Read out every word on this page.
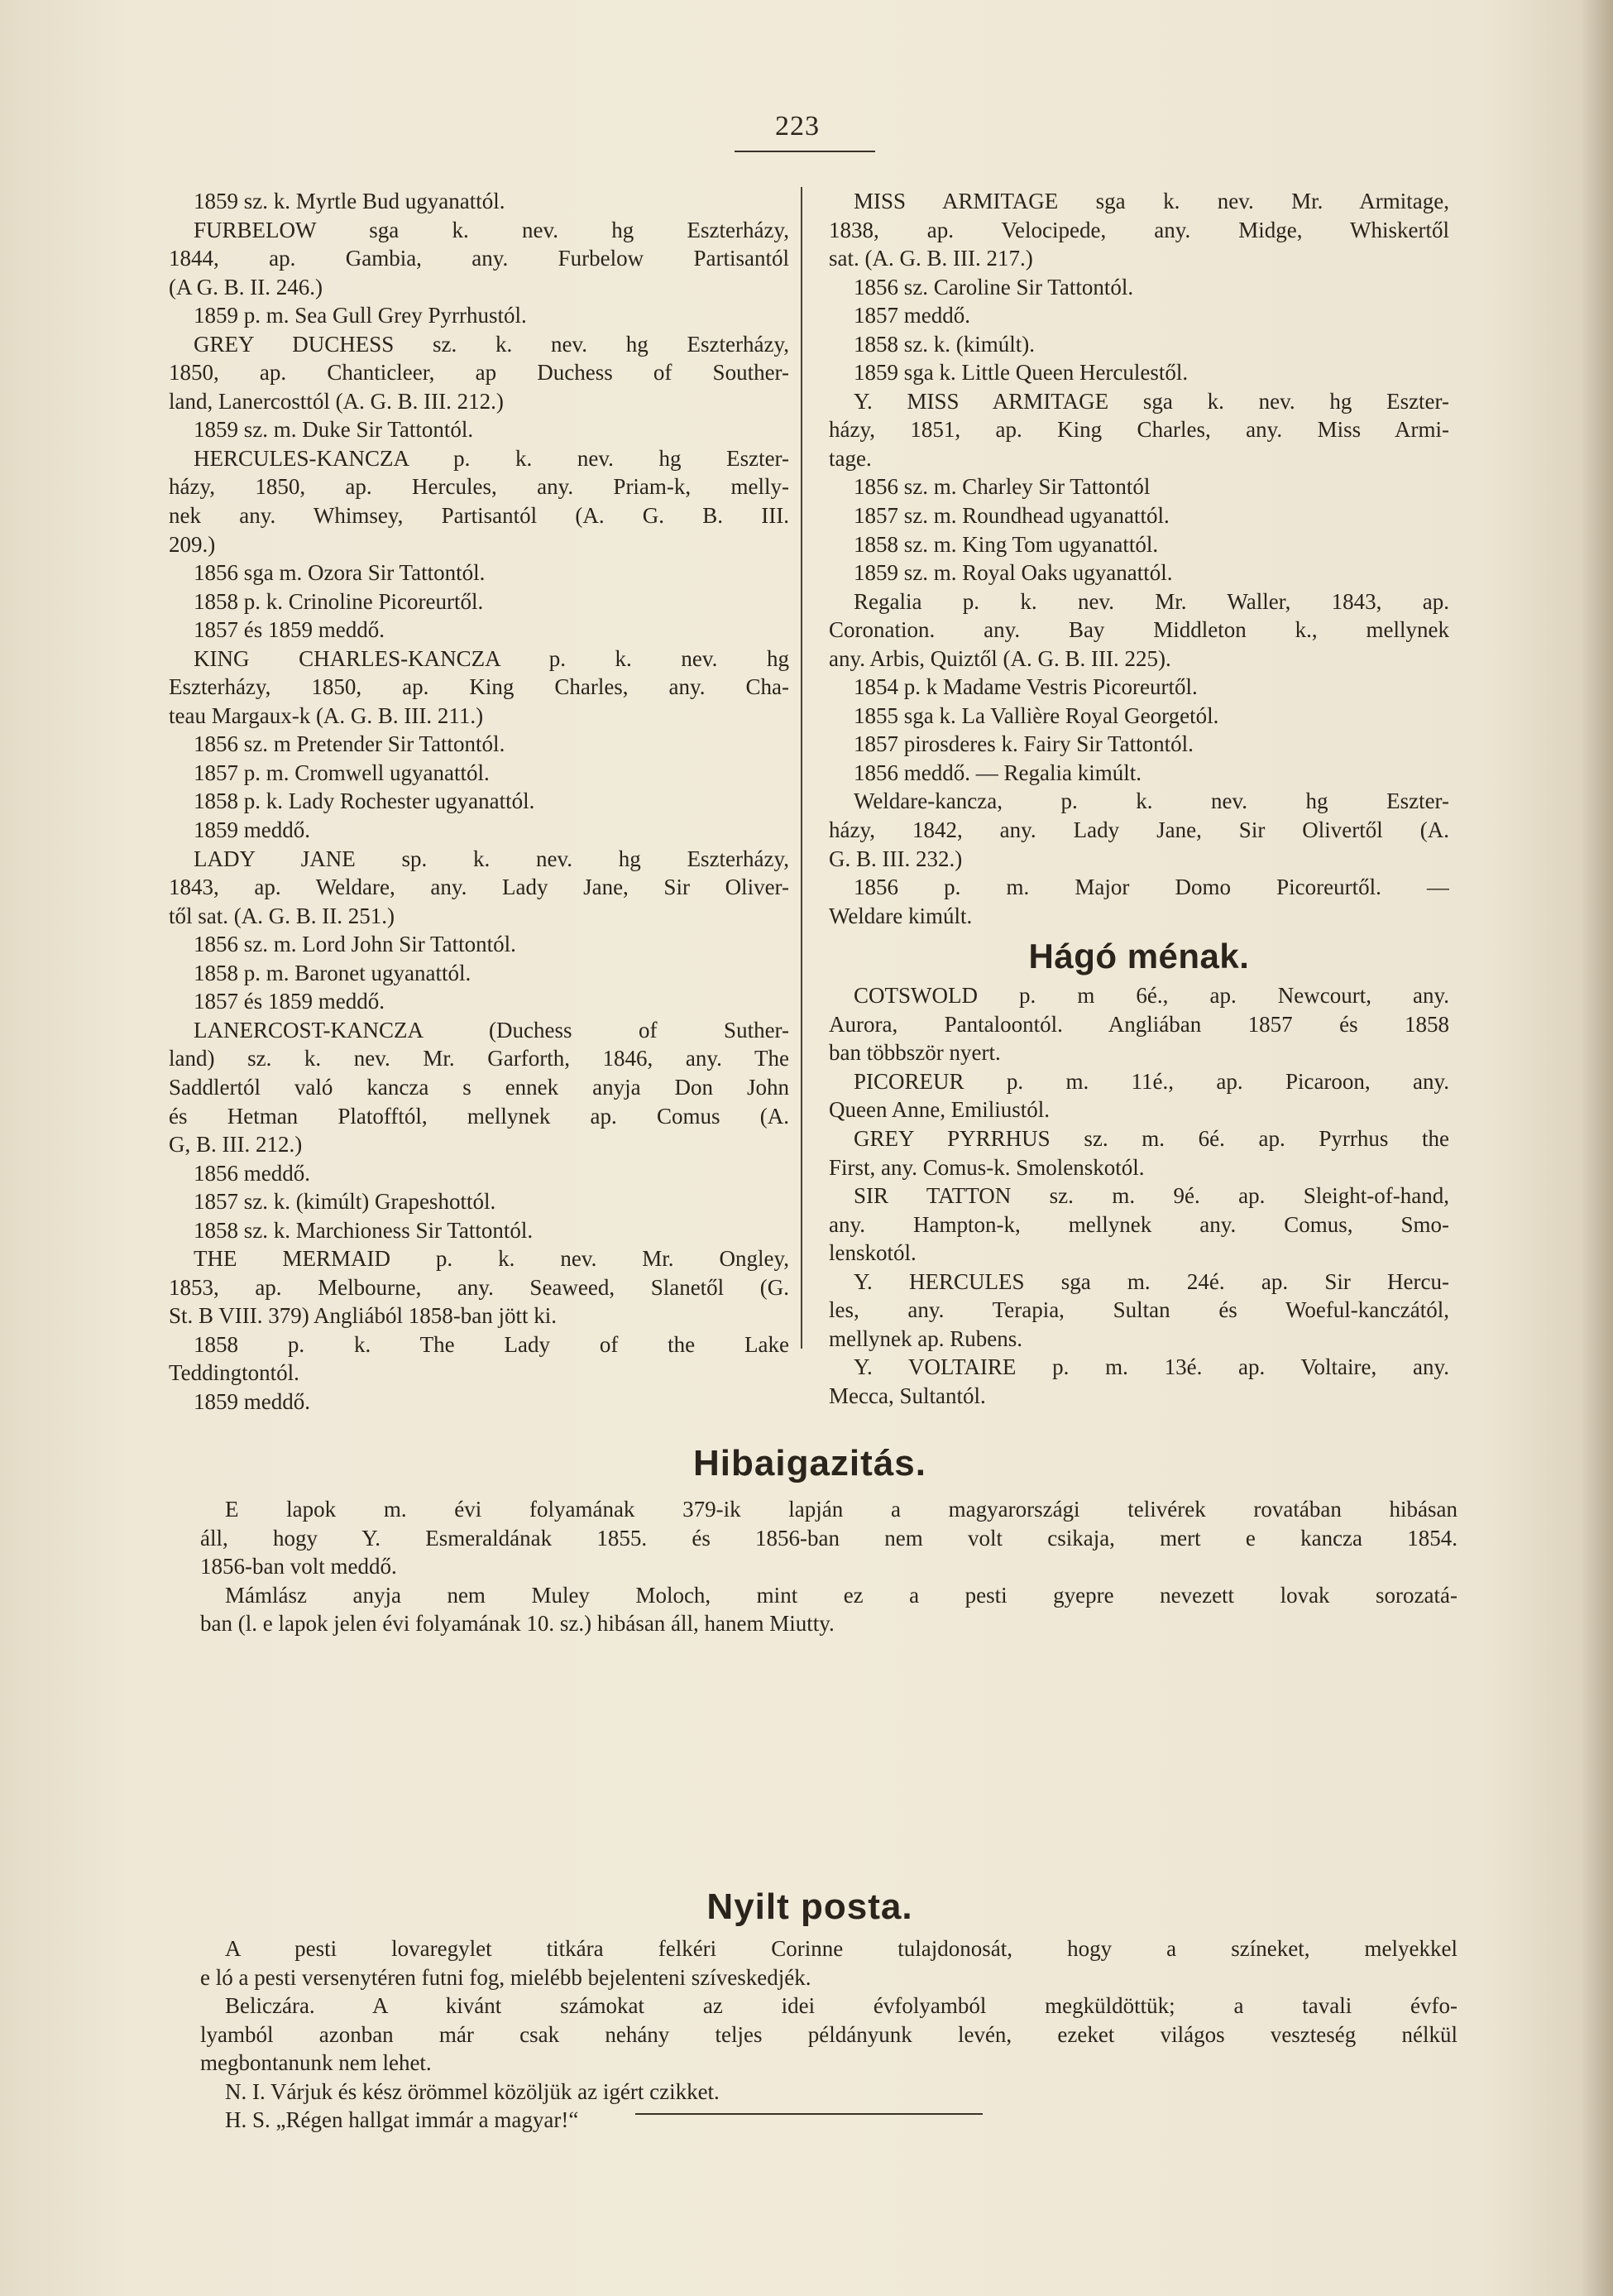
223
1859 sz. k. Myrtle Bud ugyanattól.
FURBELOW sga k. nev. hg Eszterházy,
1844, ap. Gambia, any. Furbelow Partisantól
(A G. B. II. 246.)
1859 p. m. Sea Gull Grey Pyrrhustól.
GREY DUCHESS sz. k. nev. hg Eszterházy,
1850, ap. Chanticleer, ap Duchess of Souther-
land, Lanercosttól (A. G. B. III. 212.)
1859 sz. m. Duke Sir Tattontól.
HERCULES-KANCZA p. k. nev. hg Eszter-
házy, 1850, ap. Hercules, any. Priam-k, melly-
nek any. Whimsey, Partisantól (A. G. B. III.
209.)
1856 sga m. Ozora Sir Tattontól.
1858 p. k. Crinoline Picoreurtől.
1857 és 1859 meddő.
KING CHARLES-KANCZA p. k. nev. hg
Eszterházy, 1850, ap. King Charles, any. Cha-
teau Margaux-k (A. G. B. III. 211.)
1856 sz. m Pretender Sir Tattontól.
1857 p. m. Cromwell ugyanattól.
1858 p. k. Lady Rochester ugyanattól.
1859 meddő.
LADY JANE sp. k. nev. hg Eszterházy,
1843, ap. Weldare, any. Lady Jane, Sir Oliver-
től sat. (A. G. B. II. 251.)
1856 sz. m. Lord John Sir Tattontól.
1858 p. m. Baronet ugyanattól.
1857 és 1859 meddő.
LANERCOST-KANCZA (Duchess of Suther-
land) sz. k. nev. Mr. Garforth, 1846, any. The
Saddlertól való kancza s ennek anyja Don John
és Hetman Platofftól, mellynek ap. Comus (A.
G, B. III. 212.)
1856 meddő.
1857 sz. k. (kimúlt) Grapeshottól.
1858 sz. k. Marchioness Sir Tattontól.
THE MERMAID p. k. nev. Mr. Ongley,
1853, ap. Melbourne, any. Seaweed, Slanetől (G.
St. B VIII. 379) Angliából 1858-ban jött ki.
1858 p. k. The Lady of the Lake
Teddingtontól.
1859 meddő.
MISS ARMITAGE sga k. nev. Mr. Armitage,
1838, ap. Velocipede, any. Midge, Whiskertől
sat. (A. G. B. III. 217.)
1856 sz. Caroline Sir Tattontól.
1857 meddő.
1858 sz. k. (kimúlt).
1859 sga k. Little Queen Herculestől.
Y. MISS ARMITAGE sga k. nev. hg Eszter-
házy, 1851, ap. King Charles, any. Miss Armi-
tage.
1856 sz. m. Charley Sir Tattontól
1857 sz. m. Roundhead ugyanattól.
1858 sz. m. King Tom ugyanattól.
1859 sz. m. Royal Oaks ugyanattól.
Regalia p. k. nev. Mr. Waller, 1843, ap.
Coronation. any. Bay Middleton k., mellynek
any. Arbis, Quiztől (A. G. B. III. 225).
1854 p. k Madame Vestris Picoreurtől.
1855 sga k. La Vallière Royal Georgetól.
1857 pirosderes k. Fairy Sir Tattontól.
1856 meddő. — Regalia kimúlt.
Weldare-kancza, p. k. nev. hg Eszter-
házy, 1842, any. Lady Jane, Sir Olivertől (A.
G. B. III. 232.)
1856 p. m. Major Domo Picoreurtől. —
Weldare kimúlt.
Hágó ménak.
COTSWOLD p. m 6é., ap. Newcourt, any.
Aurora, Pantaloontól. Angliában 1857 és 1858
ban többször nyert.
PICOREUR p. m. 11é., ap. Picaroon, any.
Queen Anne, Emiliustól.
GREY PYRRHUS sz. m. 6é. ap. Pyrrhus the
First, any. Comus-k. Smolenskotól.
SIR TATTON sz. m. 9é. ap. Sleight-of-hand,
any. Hampton-k, mellynek any. Comus, Smo-
lenskotól.
Y. HERCULES sga m. 24é. ap. Sir Hercu-
les, any. Terapia, Sultan és Woeful-kanczától,
mellynek ap. Rubens.
Y. VOLTAIRE p. m. 13é. ap. Voltaire, any.
Mecca, Sultantól.
Hibaigazitás.
E lapok m. évi folyamának 379-ik lapján a magyarországi telivérek rovatában hibásan
áll, hogy Y. Esmeraldának 1855. és 1856-ban nem volt csikaja, mert e kancza 1854.
1856-ban volt meddő.
Mámlász anyja nem Muley Moloch, mint ez a pesti gyepre nevezett lovak sorozatá-
ban (l. e lapok jelen évi folyamának 10. sz.) hibásan áll, hanem Miutty.
Nyilt posta.
A pesti lovaregylet titkára felkéri Corinne tulajdonosát, hogy a színeket, melyekkel
e ló a pesti versenytéren futni fog, mielébb bejelenteni szíveskedjék.
Beliczára. A kivánt számokat az idei évfolyamból megküldöttük; a tavali évfo-
lyamból azonban már csak nehány teljes példányunk levén, ezeket világos veszteség nélkül
megbontanunk nem lehet.
N. I. Várjuk és kész örömmel közöljük az igért czikket.
H. S. „Régen hallgat immár a magyar!“
